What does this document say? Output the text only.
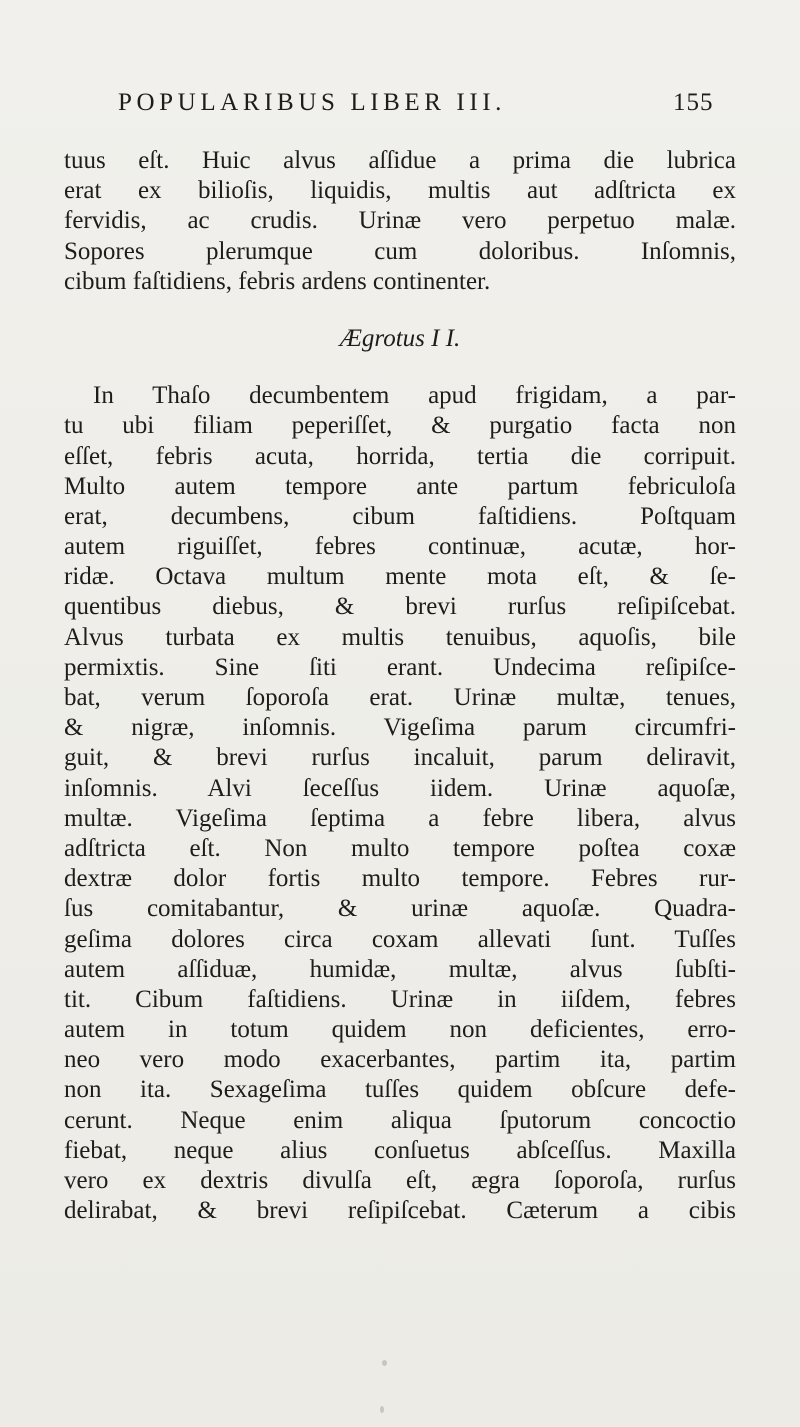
POPULARIBUS LIBER III.	155
tuus eſt. Huic alvus aſſidue a prima die lubrica
erat ex bilioſis, liquidis, multis aut adſtricta ex
fervidis, ac crudis. Urinæ vero perpetuo malæ.
Sopores plerumque cum doloribus. Inſomnis,
cibum faſtidiens, febris ardens continenter.
Ægrotus I I.
In Thaſo decumbentem apud frigidam, a par-
tu ubi filiam peperiſſet, & purgatio facta non
eſſet, febris acuta, horrida, tertia die corripuit.
Multo autem tempore ante partum febriculoſa
erat, decumbens, cibum faſtidiens. Poſtquam
autem riguiſſet, febres continuæ, acutæ, hor-
ridæ. Octava multum mente mota eſt, & ſe-
quentibus diebus, & brevi rurſus reſipiſcebat.
Alvus turbata ex multis tenuibus, aquoſis, bile
permixtis. Sine ſiti erant. Undecima reſipiſce-
bat, verum ſoporoſa erat. Urinæ multæ, tenues,
& nigræ, inſomnis. Vigeſima parum circumfri-
guit, & brevi rurſus incaluit, parum deliravit,
inſomnis. Alvi ſeceſſus iidem. Urinæ aquoſæ,
multæ. Vigeſima ſeptima a febre libera, alvus
adſtricta eſt. Non multo tempore poſtea coxæ
dextræ dolor fortis multo tempore. Febres rur-
ſus comitabantur, & urinæ aquoſæ. Quadra-
geſima dolores circa coxam allevati ſunt. Tuſſes
autem aſſiduæ, humidæ, multæ, alvus ſubſti-
tit. Cibum faſtidiens. Urinæ in iiſdem, febres
autem in totum quidem non deficientes, erro-
neo vero modo exacerbantes, partim ita, partim
non ita. Sexageſima tuſſes quidem obſcure defe-
cerunt. Neque enim aliqua ſputorum concoctio
fiebat, neque alius conſuetus abſceſſus. Maxilla
vero ex dextris divulſa eſt, ægra ſoporoſa, rurſus
delirabat, & brevi reſipiſcebat. Cæterum a cibis
